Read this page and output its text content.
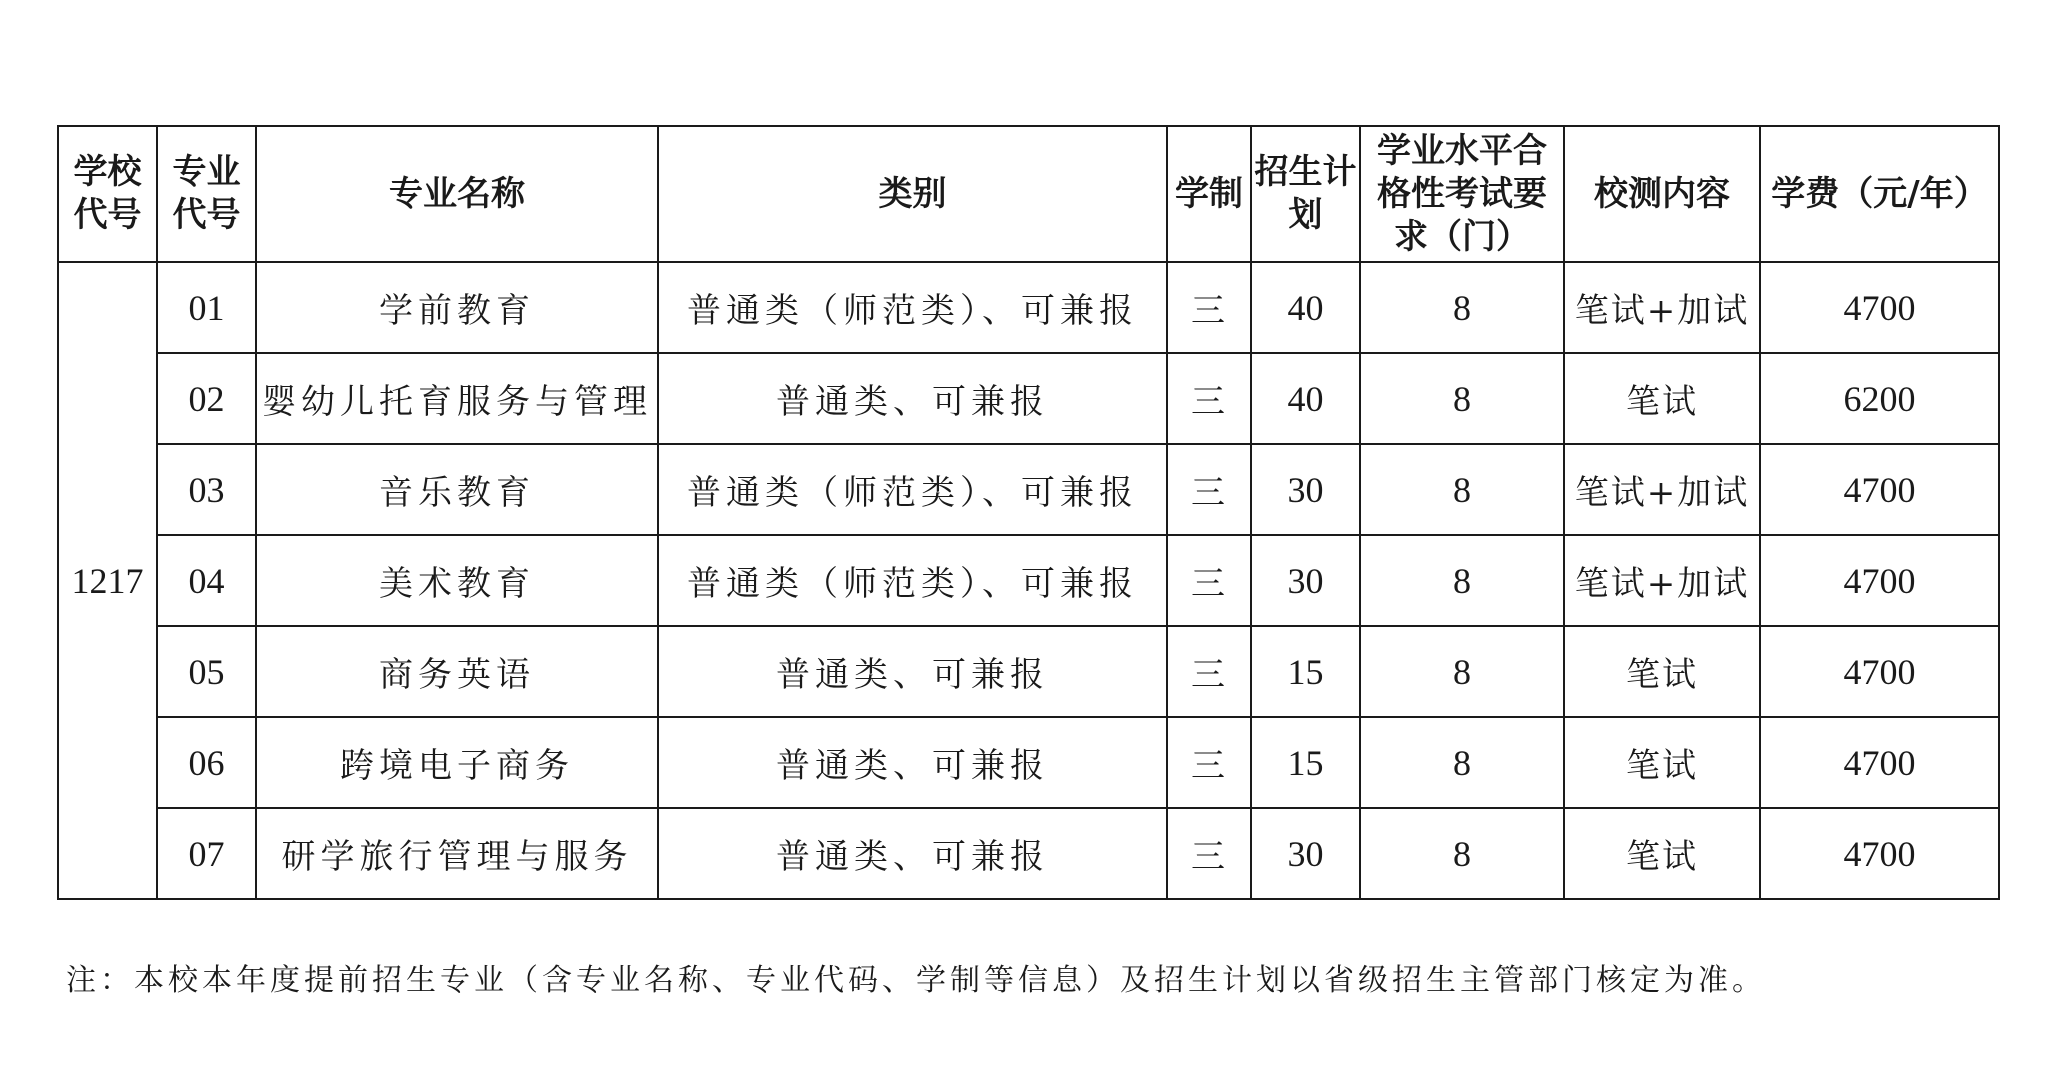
学校代号	专业代号	专业名称	类别	学制	招生计划	学业水平合格性考试要求（门）	校测内容	学费（元/年）
1217	01	学前教育	普通类（师范类）、可兼报	三	40	8	笔试+加试	4700
	02	婴幼儿托育服务与管理	普通类、可兼报	三	40	8	笔试	6200
	03	音乐教育	普通类（师范类）、可兼报	三	30	8	笔试+加试	4700
	04	美术教育	普通类（师范类）、可兼报	三	30	8	笔试+加试	4700
	05	商务英语	普通类、可兼报	三	15	8	笔试	4700
	06	跨境电子商务	普通类、可兼报	三	15	8	笔试	4700
	07	研学旅行管理与服务	普通类、可兼报	三	30	8	笔试	4700
注：本校本年度提前招生专业（含专业名称、专业代码、学制等信息）及招生计划以省级招生主管部门核定为准。
